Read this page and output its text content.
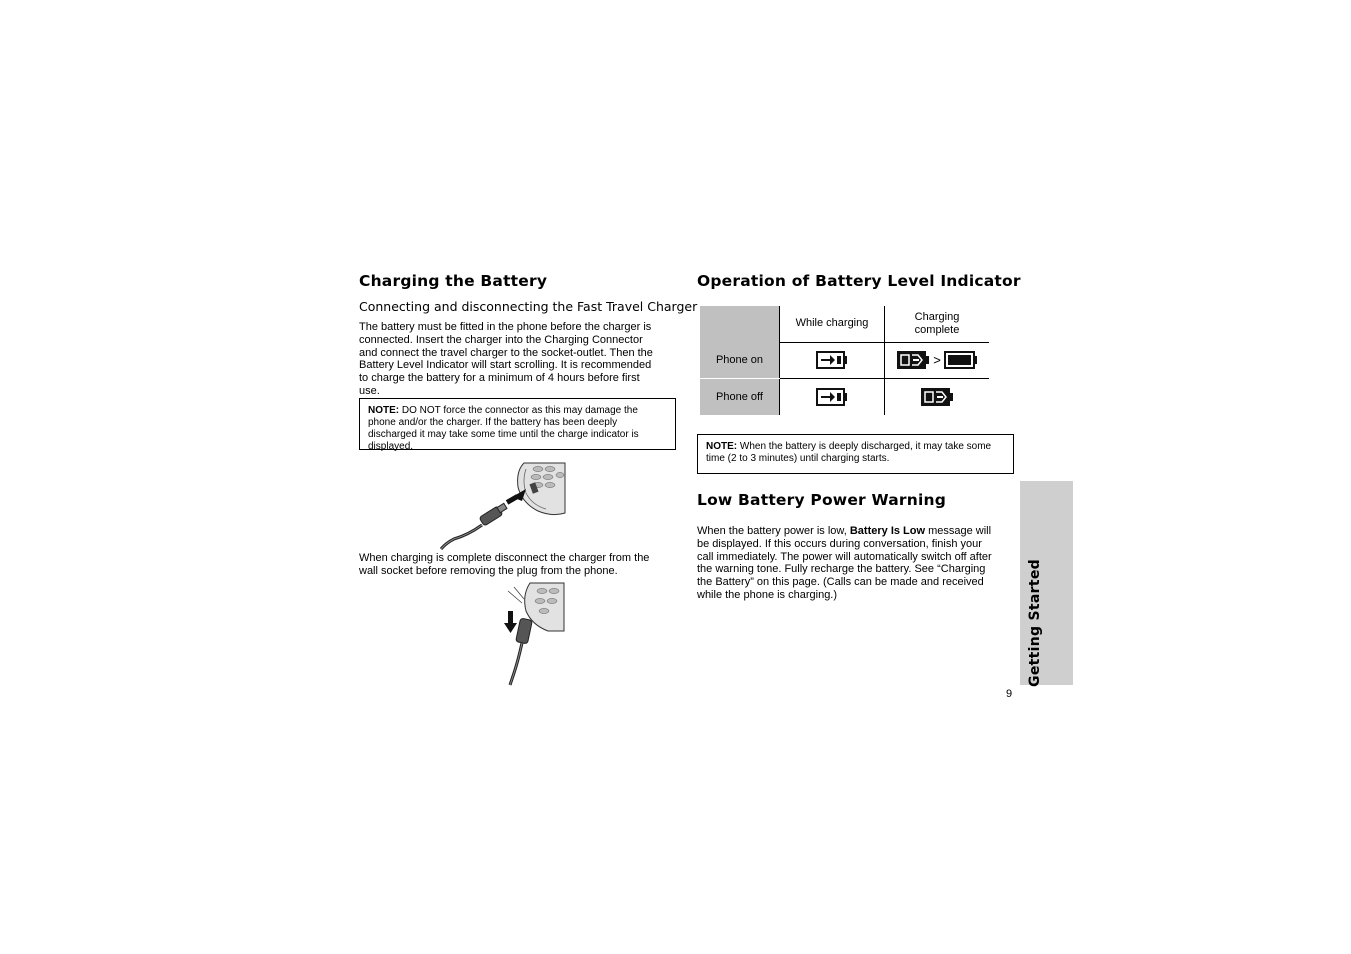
Charging the Battery
Connecting and disconnecting the Fast Travel Charger
The battery must be fitted in the phone before the charger is connected. Insert the charger into the Charging Connector and connect the travel charger to the socket-outlet. Then the Battery Level Indicator will start scrolling. It is recommended to charge the battery for a minimum of 4 hours before first use.
NOTE: DO NOT force the connector as this may damage the phone and/or the charger. If the battery has been deeply discharged it may take some time until the charge indicator is displayed.
When charging is complete disconnect the charger from the wall socket before removing the plug from the phone.
Operation of Battery Level Indicator
	While charging	Charging complete
Phone on		>
Phone off		
NOTE: When the battery is deeply discharged, it may take some time (2 to 3 minutes) until charging starts.
Low Battery Power Warning
When the battery power is low, Battery Is Low message will be displayed. If this occurs during conversation, finish your call immediately. The power will automatically switch off after the warning tone. Fully recharge the battery. See “Charging the Battery” on this page. (Calls can be made and received while the phone is charging.)	Getting Started
9
